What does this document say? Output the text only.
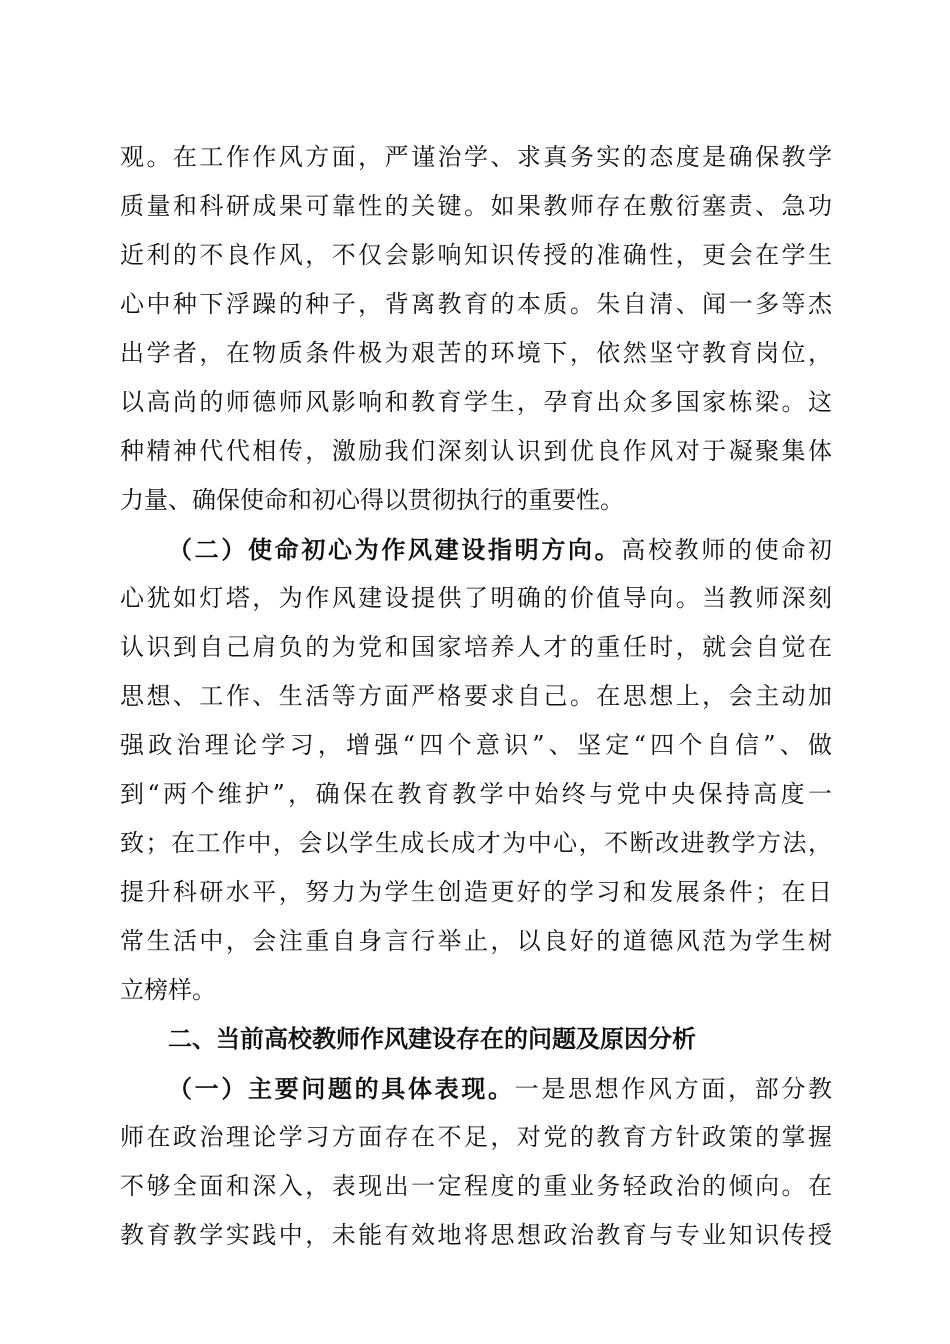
观。在工作作风方面，严谨治学、求真务实的态度是确保教学
质量和科研成果可靠性的关键。如果教师存在敷衍塞责、急功
近利的不良作风，不仅会影响知识传授的准确性，更会在学生
心中种下浮躁的种子，背离教育的本质。朱自清、闻一多等杰
出学者，在物质条件极为艰苦的环境下，依然坚守教育岗位，
以高尚的师德师风影响和教育学生，孕育出众多国家栋梁。这
种精神代代相传，激励我们深刻认识到优良作风对于凝聚集体
力量、确保使命和初心得以贯彻执行的重要性。
（二）使命初心为作风建设指明方向。高校教师的使命初
心犹如灯塔，为作风建设提供了明确的价值导向。当教师深刻
认识到自己肩负的为党和国家培养人才的重任时，就会自觉在
思想、工作、生活等方面严格要求自己。在思想上，会主动加
强政治理论学习，增强“四个意识”、坚定“四个自信”、做
到“两个维护”，确保在教育教学中始终与党中央保持高度一
致；在工作中，会以学生成长成才为中心，不断改进教学方法，
提升科研水平，努力为学生创造更好的学习和发展条件；在日
常生活中，会注重自身言行举止，以良好的道德风范为学生树
立榜样。
二、当前高校教师作风建设存在的问题及原因分析
（一）主要问题的具体表现。一是思想作风方面，部分教
师在政治理论学习方面存在不足，对党的教育方针政策的掌握
不够全面和深入，表现出一定程度的重业务轻政治的倾向。在
教育教学实践中，未能有效地将思想政治教育与专业知识传授
